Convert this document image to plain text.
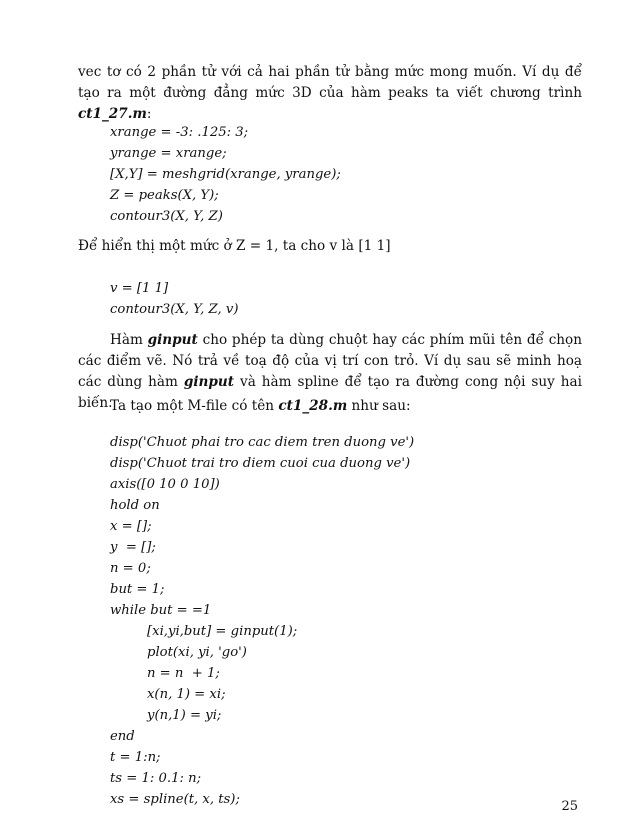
vec tơ có 2 phần tử với cả hai phần tử bằng mức mong muốn. Ví dụ để tạo ra một đường đẳng mức 3D của hàm peaks ta viết chương trình ct1_27.m:

xrange = -3: .125: 3;
yrange = xrange;
[X,Y] = meshgrid(xrange, yrange);
Z = peaks(X, Y);
contour3(X, Y, Z)

Để hiển thị một mức ở Z = 1, ta cho v là [1 1]

v = [1 1]
contour3(X, Y, Z, v)

Hàm ginput cho phép ta dùng chuột hay các phím mũi tên để chọn các điểm vẽ. Nó trả về toạ độ của vị trí con trỏ. Ví dụ sau sẽ minh hoạ các dùng hàm ginput và hàm spline để tạo ra đường cong nội suy hai biến.

Ta tạo một M-file có tên ct1_28.m như sau:

disp('Chuot phai tro cac diem tren duong ve')
disp('Chuot trai tro diem cuoi cua duong ve')
axis([0 10 0 10])
hold on
x = [];
y  = [];
n = 0;
but = 1;
while but = =1
[xi,yi,but] = ginput(1);
plot(xi, yi, 'go')
n = n  + 1;
x(n, 1) = xi;
y(n,1) = yi;
end
t = 1:n;
ts = 1: 0.1: n;
xs = spline(t, x, ts);	25
